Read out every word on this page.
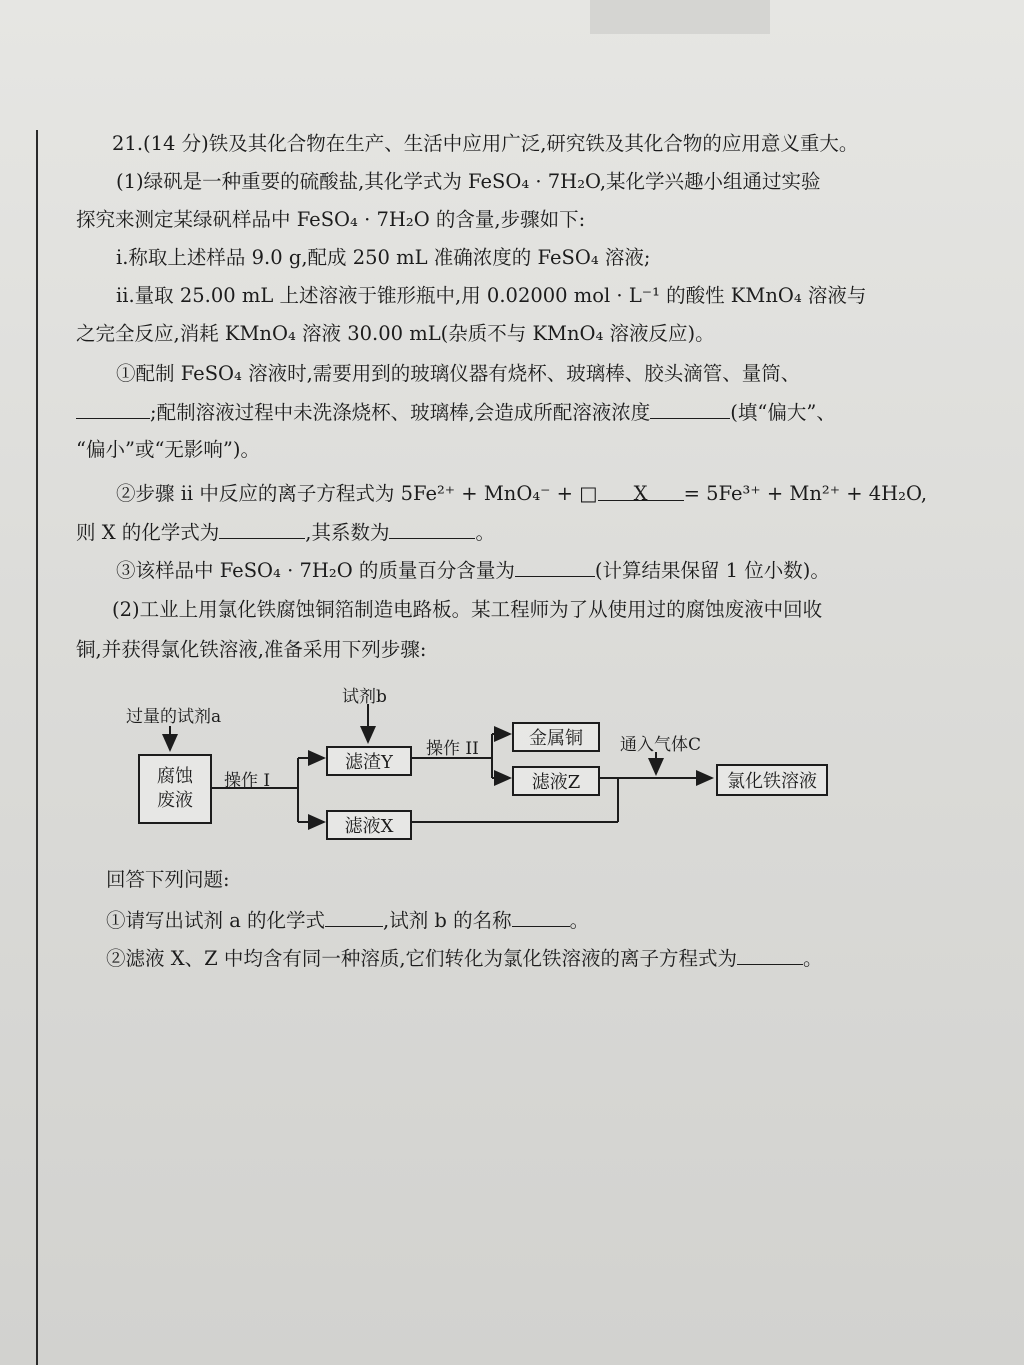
21.(14 分)铁及其化合物在生产、生活中应用广泛,研究铁及其化合物的应用意义重大。
(1)绿矾是一种重要的硫酸盐,其化学式为 FeSO₄ · 7H₂O,某化学兴趣小组通过实验
探究来测定某绿矾样品中 FeSO₄ · 7H₂O 的含量,步骤如下:
i.称取上述样品 9.0 g,配成 250 mL 准确浓度的 FeSO₄ 溶液;
ii.量取 25.00 mL 上述溶液于锥形瓶中,用 0.02000 mol · L⁻¹ 的酸性 KMnO₄ 溶液与
之完全反应,消耗 KMnO₄ 溶液 30.00 mL(杂质不与 KMnO₄ 溶液反应)。
①配制 FeSO₄ 溶液时,需要用到的玻璃仪器有烧杯、玻璃棒、胶头滴管、量筒、
;配制溶液过程中未洗涤烧杯、玻璃棒,会造成所配溶液浓度	(填“偏大”、
“偏小”或“无影响”)。
②步骤 ii 中反应的离子方程式为 5Fe²⁺ + MnO₄⁻ + □ X = 5Fe³⁺ + Mn²⁺ + 4H₂O,
则 X 的化学式为	,其系数为	。
③该样品中 FeSO₄ · 7H₂O 的质量百分含量为	(计算结果保留 1 位小数)。
(2)工业上用氯化铁腐蚀铜箔制造电路板。某工程师为了从使用过的腐蚀废液中回收
铜,并获得氯化铁溶液,准备采用下列步骤:
回答下列问题:
①请写出试剂 a 的化学式	,试剂 b 的名称	。
②滤液 X、Z 中均含有同一种溶质,它们转化为氯化铁溶液的离子方程式为	。
过量的试剂a
试剂b
腐蚀
废液
操作 I
滤渣Y
滤液X
操作 II	金属铜
滤液Z
通入气体C
氯化铁溶液
